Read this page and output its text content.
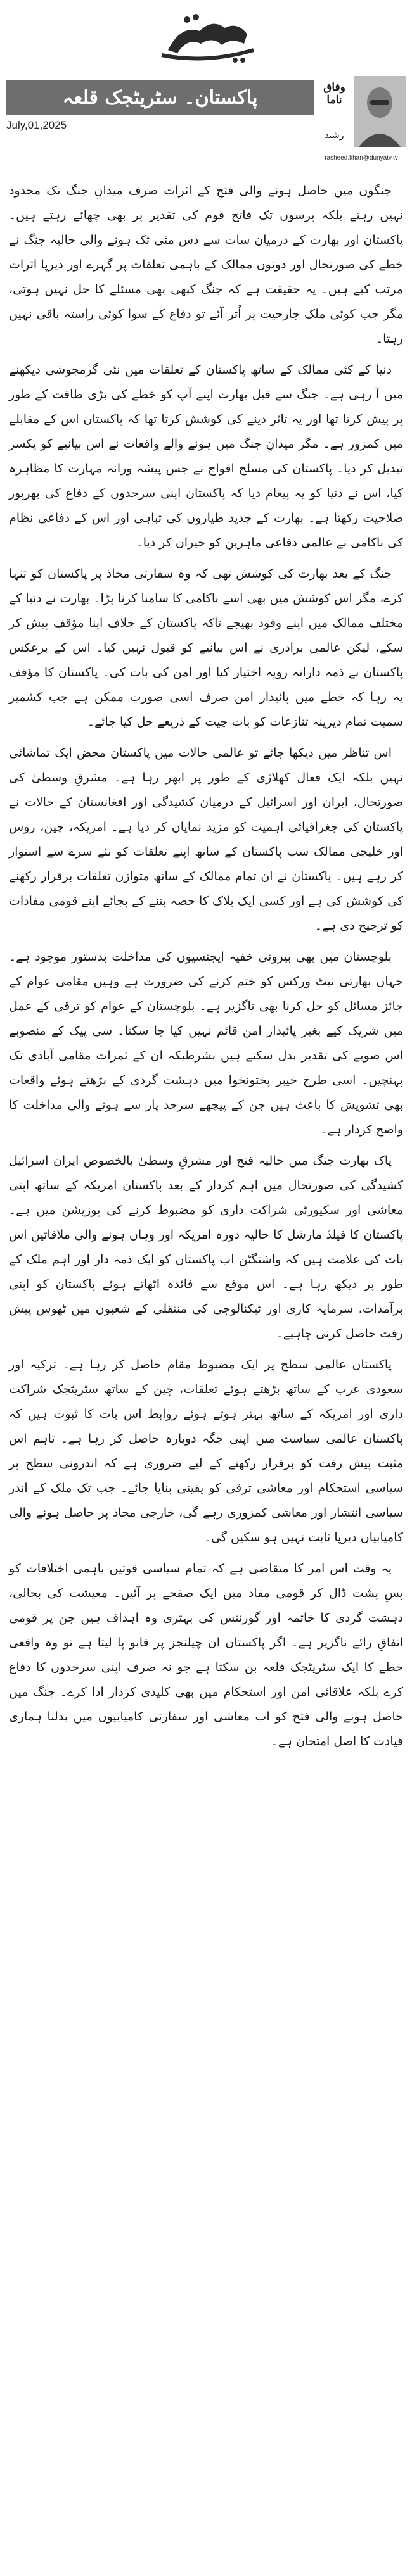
پاکستان۔ سٹریٹجک قلعہ
July,01,2025
وفاق ناما
رشید
rasheed.khan@dunyatv.tv

جنگوں میں حاصل ہونے والی فتح کے اثرات صرف میدانِ جنگ تک محدود نہیں رہتے بلکہ پرسوں تک فاتح قوم کی تقدیر پر بھی چھائے رہتے ہیں۔ پاکستان اور بھارت کے درمیان سات سے دس مئی تک ہونے والی حالیہ جنگ نے خطے کی صورتحال اور دونوں ممالک کے باہمی تعلقات پر گہرے اور دیرپا اثرات مرتب کیے ہیں۔ یہ حقیقت ہے کہ جنگ کبھی بھی مسئلے کا حل نہیں ہوتی، مگر جب کوئی ملک جارحیت پر اُتر آئے تو دفاع کے سوا کوئی راستہ باقی نہیں رہتا۔

دنیا کے کئی ممالک کے ساتھ پاکستان کے تعلقات میں نئی گرمجوشی دیکھنے میں آ رہی ہے۔ جنگ سے قبل بھارت اپنے آپ کو خطے کی بڑی طاقت کے طور پر پیش کرتا تھا اور یہ تاثر دینے کی کوشش کرتا تھا کہ پاکستان اس کے مقابلے میں کمزور ہے۔ مگر میدانِ جنگ میں ہونے والے واقعات نے اس بیانیے کو یکسر تبدیل کر دیا۔ پاکستان کی مسلح افواج نے جس پیشہ ورانہ مہارت کا مظاہرہ کیا، اس نے دنیا کو یہ پیغام دیا کہ پاکستان اپنی سرحدوں کے دفاع کی بھرپور صلاحیت رکھتا ہے۔ بھارت کے جدید طیاروں کی تباہی اور اس کے دفاعی نظام کی ناکامی نے عالمی دفاعی ماہرین کو حیران کر دیا۔

جنگ کے بعد بھارت کی کوشش تھی کہ وہ سفارتی محاذ پر پاکستان کو تنہا کرے، مگر اس کوشش میں بھی اسے ناکامی کا سامنا کرنا پڑا۔ بھارت نے دنیا کے مختلف ممالک میں اپنے وفود بھیجے تاکہ پاکستان کے خلاف اپنا مؤقف پیش کر سکے، لیکن عالمی برادری نے اس بیانیے کو قبول نہیں کیا۔ اس کے برعکس پاکستان نے ذمہ دارانہ رویہ اختیار کیا اور امن کی بات کی۔ پاکستان کا مؤقف یہ رہا کہ خطے میں پائیدار امن صرف اسی صورت ممکن ہے جب کشمیر سمیت تمام دیرینہ تنازعات کو بات چیت کے ذریعے حل کیا جائے۔

اس تناظر میں دیکھا جائے تو عالمی حالات میں پاکستان محض ایک تماشائی نہیں بلکہ ایک فعال کھلاڑی کے طور پر ابھر رہا ہے۔ مشرقِ وسطیٰ کی صورتحال، ایران اور اسرائیل کے درمیان کشیدگی اور افغانستان کے حالات نے پاکستان کی جغرافیائی اہمیت کو مزید نمایاں کر دیا ہے۔ امریکہ، چین، روس اور خلیجی ممالک سب پاکستان کے ساتھ اپنے تعلقات کو نئے سرے سے استوار کر رہے ہیں۔ پاکستان نے ان تمام ممالک کے ساتھ متوازن تعلقات برقرار رکھنے کی کوشش کی ہے اور کسی ایک بلاک کا حصہ بننے کے بجائے اپنے قومی مفادات کو ترجیح دی ہے۔

بلوچستان میں بھی بیرونی خفیہ ایجنسیوں کی مداخلت بدستور موجود ہے۔ جہاں بھارتی نیٹ ورکس کو ختم کرنے کی ضرورت ہے وہیں مقامی عوام کے جائز مسائل کو حل کرنا بھی ناگزیر ہے۔ بلوچستان کے عوام کو ترقی کے عمل میں شریک کیے بغیر پائیدار امن قائم نہیں کیا جا سکتا۔ سی پیک کے منصوبے اس صوبے کی تقدیر بدل سکتے ہیں بشرطیکہ ان کے ثمرات مقامی آبادی تک پہنچیں۔ اسی طرح خیبر پختونخوا میں دہشت گردی کے بڑھتے ہوئے واقعات بھی تشویش کا باعث ہیں جن کے پیچھے سرحد پار سے ہونے والی مداخلت کا واضح کردار ہے۔

پاک بھارت جنگ میں حالیہ فتح اور مشرقِ وسطیٰ بالخصوص ایران اسرائیل کشیدگی کی صورتحال میں اہم کردار کے بعد پاکستان امریکہ کے ساتھ اپنی معاشی اور سکیورٹی شراکت داری کو مضبوط کرنے کی پوزیشن میں ہے۔ پاکستان کا فیلڈ مارشل کا حالیہ دورہ امریکہ اور وہاں ہونے والی ملاقاتیں اس بات کی علامت ہیں کہ واشنگٹن اب پاکستان کو ایک ذمہ دار اور اہم ملک کے طور پر دیکھ رہا ہے۔ اس موقع سے فائدہ اٹھاتے ہوئے پاکستان کو اپنی برآمدات، سرمایہ کاری اور ٹیکنالوجی کی منتقلی کے شعبوں میں ٹھوس پیش رفت حاصل کرنی چاہیے۔

پاکستان عالمی سطح پر ایک مضبوط مقام حاصل کر رہا ہے۔ ترکیہ اور سعودی عرب کے ساتھ بڑھتے ہوئے تعلقات، چین کے ساتھ سٹریٹجک شراکت داری اور امریکہ کے ساتھ بہتر ہوتے ہوئے روابط اس بات کا ثبوت ہیں کہ پاکستان عالمی سیاست میں اپنی جگہ دوبارہ حاصل کر رہا ہے۔ تاہم اس مثبت پیش رفت کو برقرار رکھنے کے لیے ضروری ہے کہ اندرونی سطح پر سیاسی استحکام اور معاشی ترقی کو یقینی بنایا جائے۔ جب تک ملک کے اندر سیاسی انتشار اور معاشی کمزوری رہے گی، خارجی محاذ پر حاصل ہونے والی کامیابیاں دیرپا ثابت نہیں ہو سکیں گی۔

یہ وقت اس امر کا متقاضی ہے کہ تمام سیاسی قوتیں باہمی اختلافات کو پسِ پشت ڈال کر قومی مفاد میں ایک صفحے پر آئیں۔ معیشت کی بحالی، دہشت گردی کا خاتمہ اور گورننس کی بہتری وہ اہداف ہیں جن پر قومی اتفاقِ رائے ناگزیر ہے۔ اگر پاکستان ان چیلنجز پر قابو پا لیتا ہے تو وہ واقعی خطے کا ایک سٹریٹجک قلعہ بن سکتا ہے جو نہ صرف اپنی سرحدوں کا دفاع کرے بلکہ علاقائی امن اور استحکام میں بھی کلیدی کردار ادا کرے۔ جنگ میں حاصل ہونے والی فتح کو اب معاشی اور سفارتی کامیابیوں میں بدلنا ہماری قیادت کا اصل امتحان ہے۔
